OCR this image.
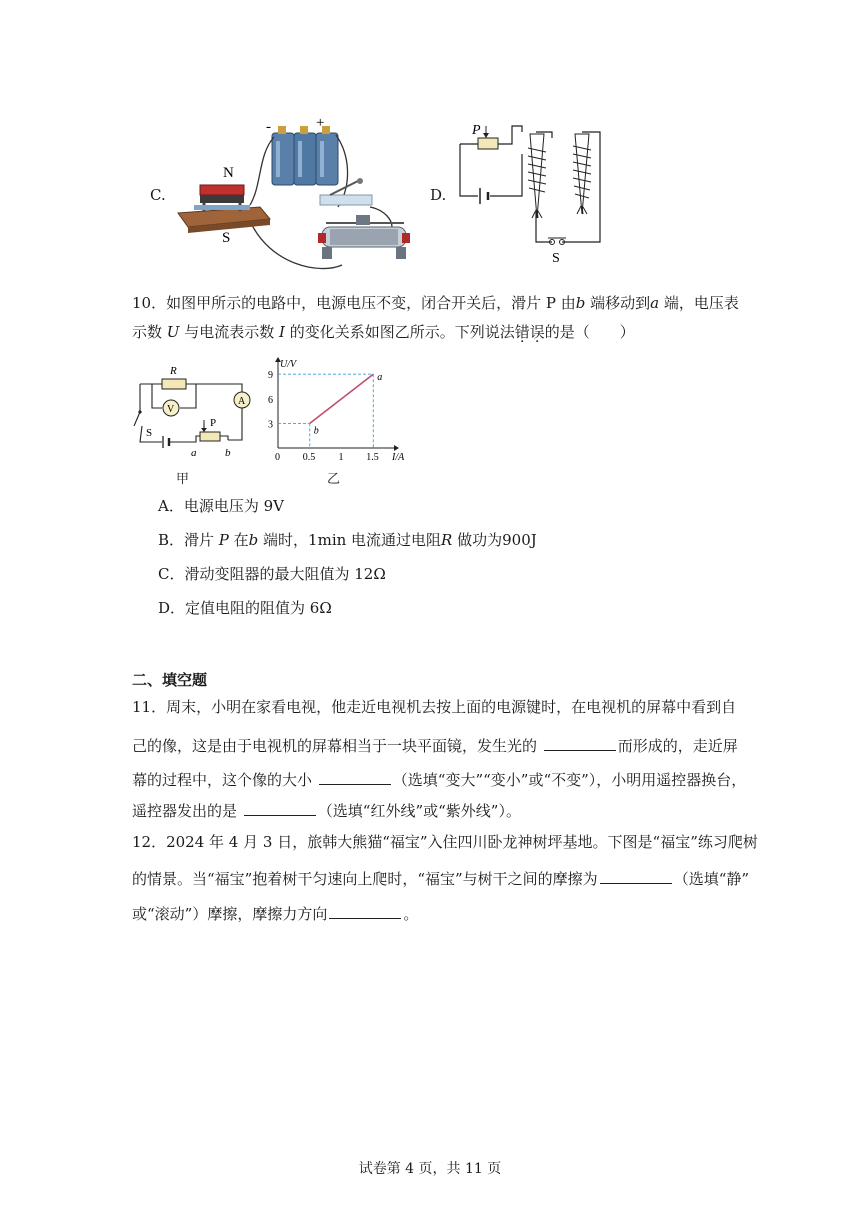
C.
-	+
N
S
D.
P
S
10．如图甲所示的电路中，电源电压不变，闭合开关后，滑片 P 由b 端移动到a 端，电压表
示数 U 与电流表示数 I 的变化关系如图乙所示。下列说法错误的是（　　）
R
V
A
S
P
a	b
甲
0 0.5 1 1.5
3
6
9
I/A
U/V
b
a
乙
A．电源电压为 9V
B．滑片 P 在b 端时，1min 电流通过电阻R 做功为900J
C．滑动变阻器的最大阻值为 12Ω
D．定值电阻的阻值为 6Ω
二、填空题
11．周末，小明在家看电视，他走近电视机去按上面的电源键时，在电视机的屏幕中看到自
己的像，这是由于电视机的屏幕相当于一块平面镜，发生光的	而形成的，走近屏
幕的过程中，这个像的大小	（选填“变大”“变小”或“不变”），小明用遥控器换台，
遥控器发出的是	（选填“红外线”或“紫外线”）。
12．2024 年 4 月 3 日，旅韩大熊猫“福宝”入住四川卧龙神树坪基地。下图是“福宝”练习爬树
的情景。当“福宝”抱着树干匀速向上爬时，“福宝”与树干之间的摩擦为	（选填“静”
或“滚动”）摩擦，摩擦力方向	。
试卷第 4 页，共 11 页
